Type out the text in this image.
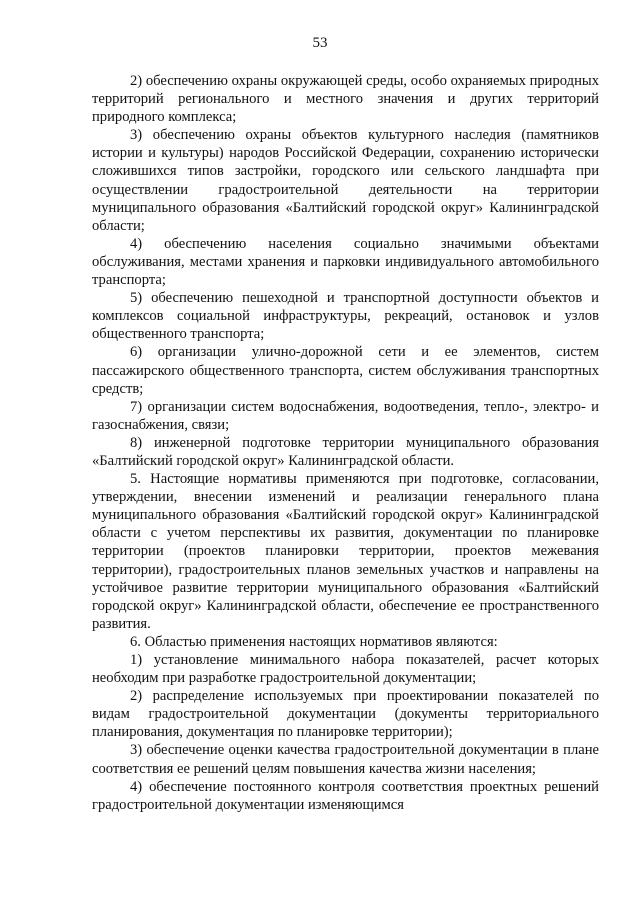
53

2) обеспечению охраны окружающей среды, особо охраняемых природных территорий регионального и местного значения и других территорий природного комплекса;

3) обеспечению охраны объектов культурного наследия (памятников истории и культуры) народов Российской Федерации, сохранению исторически сложившихся типов застройки, городского или сельского ландшафта при осуществлении градостроительной деятельности на территории муниципального образования «Балтийский городской округ» Калининградской области;

4) обеспечению населения социально значимыми объектами обслуживания, местами хранения и парковки индивидуального автомобильного транспорта;

5) обеспечению пешеходной и транспортной доступности объектов и комплексов социальной инфраструктуры, рекреаций, остановок и узлов общественного транспорта;

6) организации улично-дорожной сети и ее элементов, систем пассажирского общественного транспорта, систем обслуживания транспортных средств;

7) организации систем водоснабжения, водоотведения, тепло-, электро- и газоснабжения, связи;

8) инженерной подготовке территории муниципального образования «Балтийский городской округ» Калининградской области.

5. Настоящие нормативы применяются при подготовке, согласовании, утверждении, внесении изменений и реализации генерального плана муниципального образования «Балтийский городской округ» Калининградской области с учетом перспективы их развития, документации по планировке территории (проектов планировки территории, проектов межевания территории), градостроительных планов земельных участков и направлены на устойчивое развитие территории муниципального образования «Балтийский городской округ» Калининградской области, обеспечение ее пространственного развития.

6. Областью применения настоящих нормативов являются:

1) установление минимального набора показателей, расчет которых необходим при разработке градостроительной документации;

2) распределение используемых при проектировании показателей по видам градостроительной документации (документы территориального планирования, документация по планировке территории);

3) обеспечение оценки качества градостроительной документации в плане соответствия ее решений целям повышения качества жизни населения;

4) обеспечение постоянного контроля соответствия проектных решений градостроительной документации изменяющимся
